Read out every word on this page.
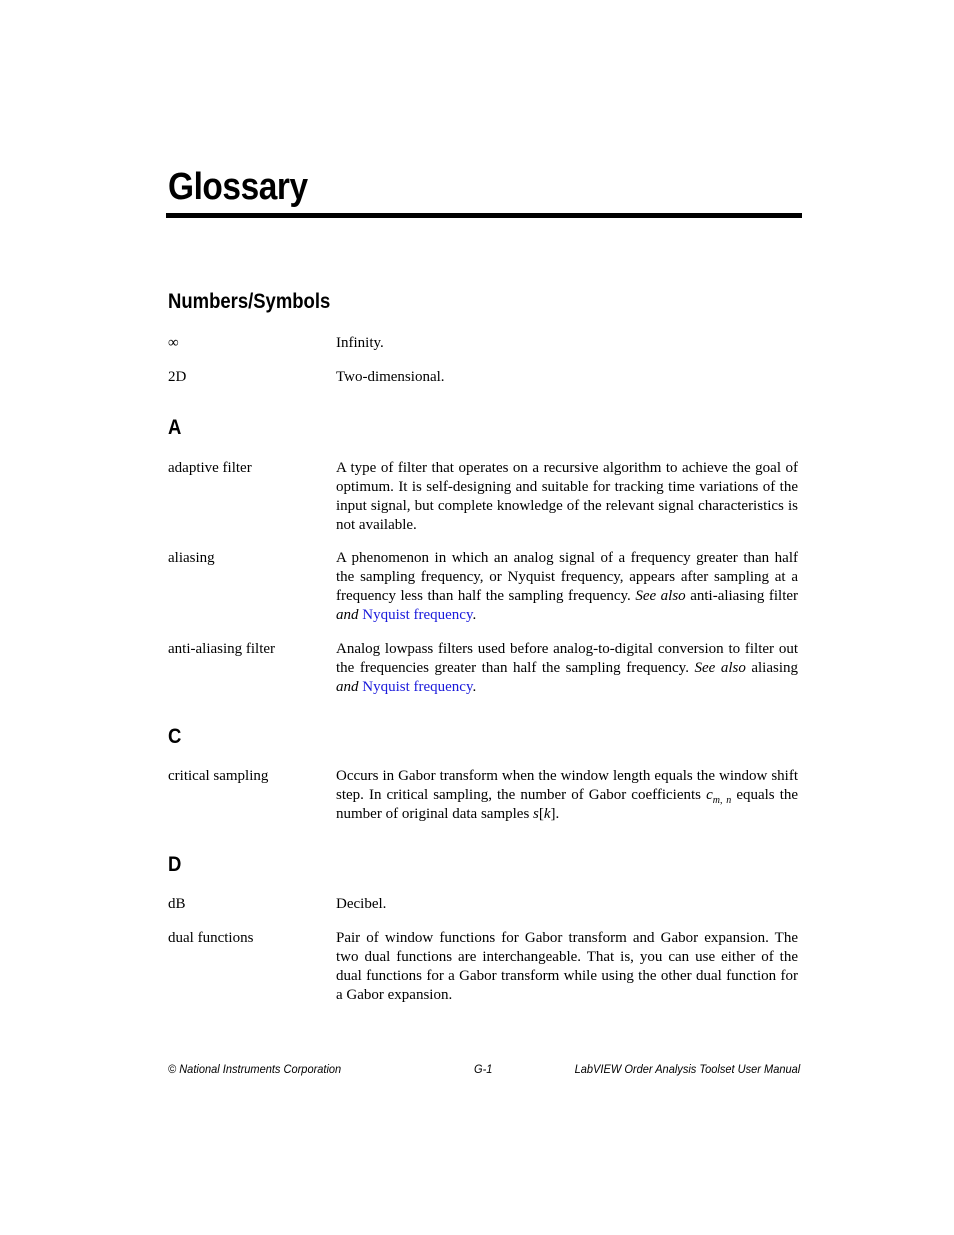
Glossary
Numbers/Symbols
∞	Infinity.
2D	Two-dimensional.
A
adaptive filter	A type of filter that operates on a recursive algorithm to achieve the goal of optimum. It is self-designing and suitable for tracking time variations of the input signal, but complete knowledge of the relevant signal characteristics is not available.
aliasing	A phenomenon in which an analog signal of a frequency greater than half the sampling frequency, or Nyquist frequency, appears after sampling at a frequency less than half the sampling frequency. See also anti-aliasing filter and Nyquist frequency.
anti-aliasing filter	Analog lowpass filters used before analog-to-digital conversion to filter out the frequencies greater than half the sampling frequency. See also aliasing and Nyquist frequency.
C
critical sampling	Occurs in Gabor transform when the window length equals the window shift step. In critical sampling, the number of Gabor coefficients $c_{m, n}$ equals the number of original data samples s[k].
D
dB	Decibel.
dual functions	Pair of window functions for Gabor transform and Gabor expansion. The two dual functions are interchangeable. That is, you can use either of the dual functions for a Gabor transform while using the other dual function for a Gabor expansion.
© National Instruments Corporation	G-1	LabVIEW Order Analysis Toolset User Manual
